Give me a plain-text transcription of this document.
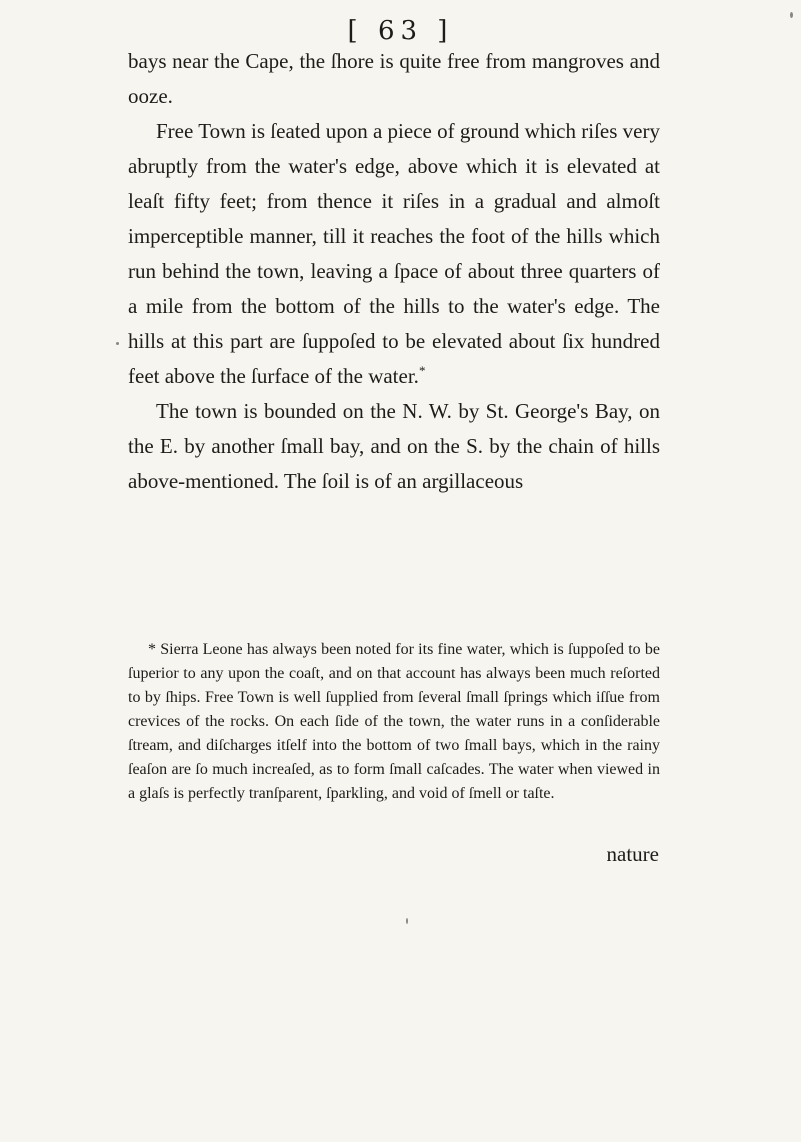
[ 63 ]

bays near the Cape, the ſhore is quite free from mangroves and ooze.

Free Town is ſeated upon a piece of ground which riſes very abruptly from the water's edge, above which it is elevated at leaſt fifty feet; from thence it riſes in a gradual and almoſt imperceptible manner, till it reaches the foot of the hills which run behind the town, leaving a ſpace of about three quarters of a mile from the bottom of the hills to the water's edge. The hills at this part are ſuppoſed to be elevated about ſix hundred feet above the ſurface of the water.*

The town is bounded on the N. W. by St. George's Bay, on the E. by another ſmall bay, and on the S. by the chain of hills above-mentioned. The ſoil is of an argillaceous

* Sierra Leone has always been noted for its fine water, which is ſuppoſed to be ſuperior to any upon the coaſt, and on that account has always been much reſorted to by ſhips. Free Town is well ſupplied from ſeveral ſmall ſprings which iſſue from crevices of the rocks. On each ſide of the town, the water runs in a conſiderable ſtream, and diſcharges itſelf into the bottom of two ſmall bays, which in the rainy ſeaſon are ſo much increaſed, as to form ſmall caſcades. The water when viewed in a glaſs is perfectly tranſparent, ſparkling, and void of ſmell or taſte.

nature
